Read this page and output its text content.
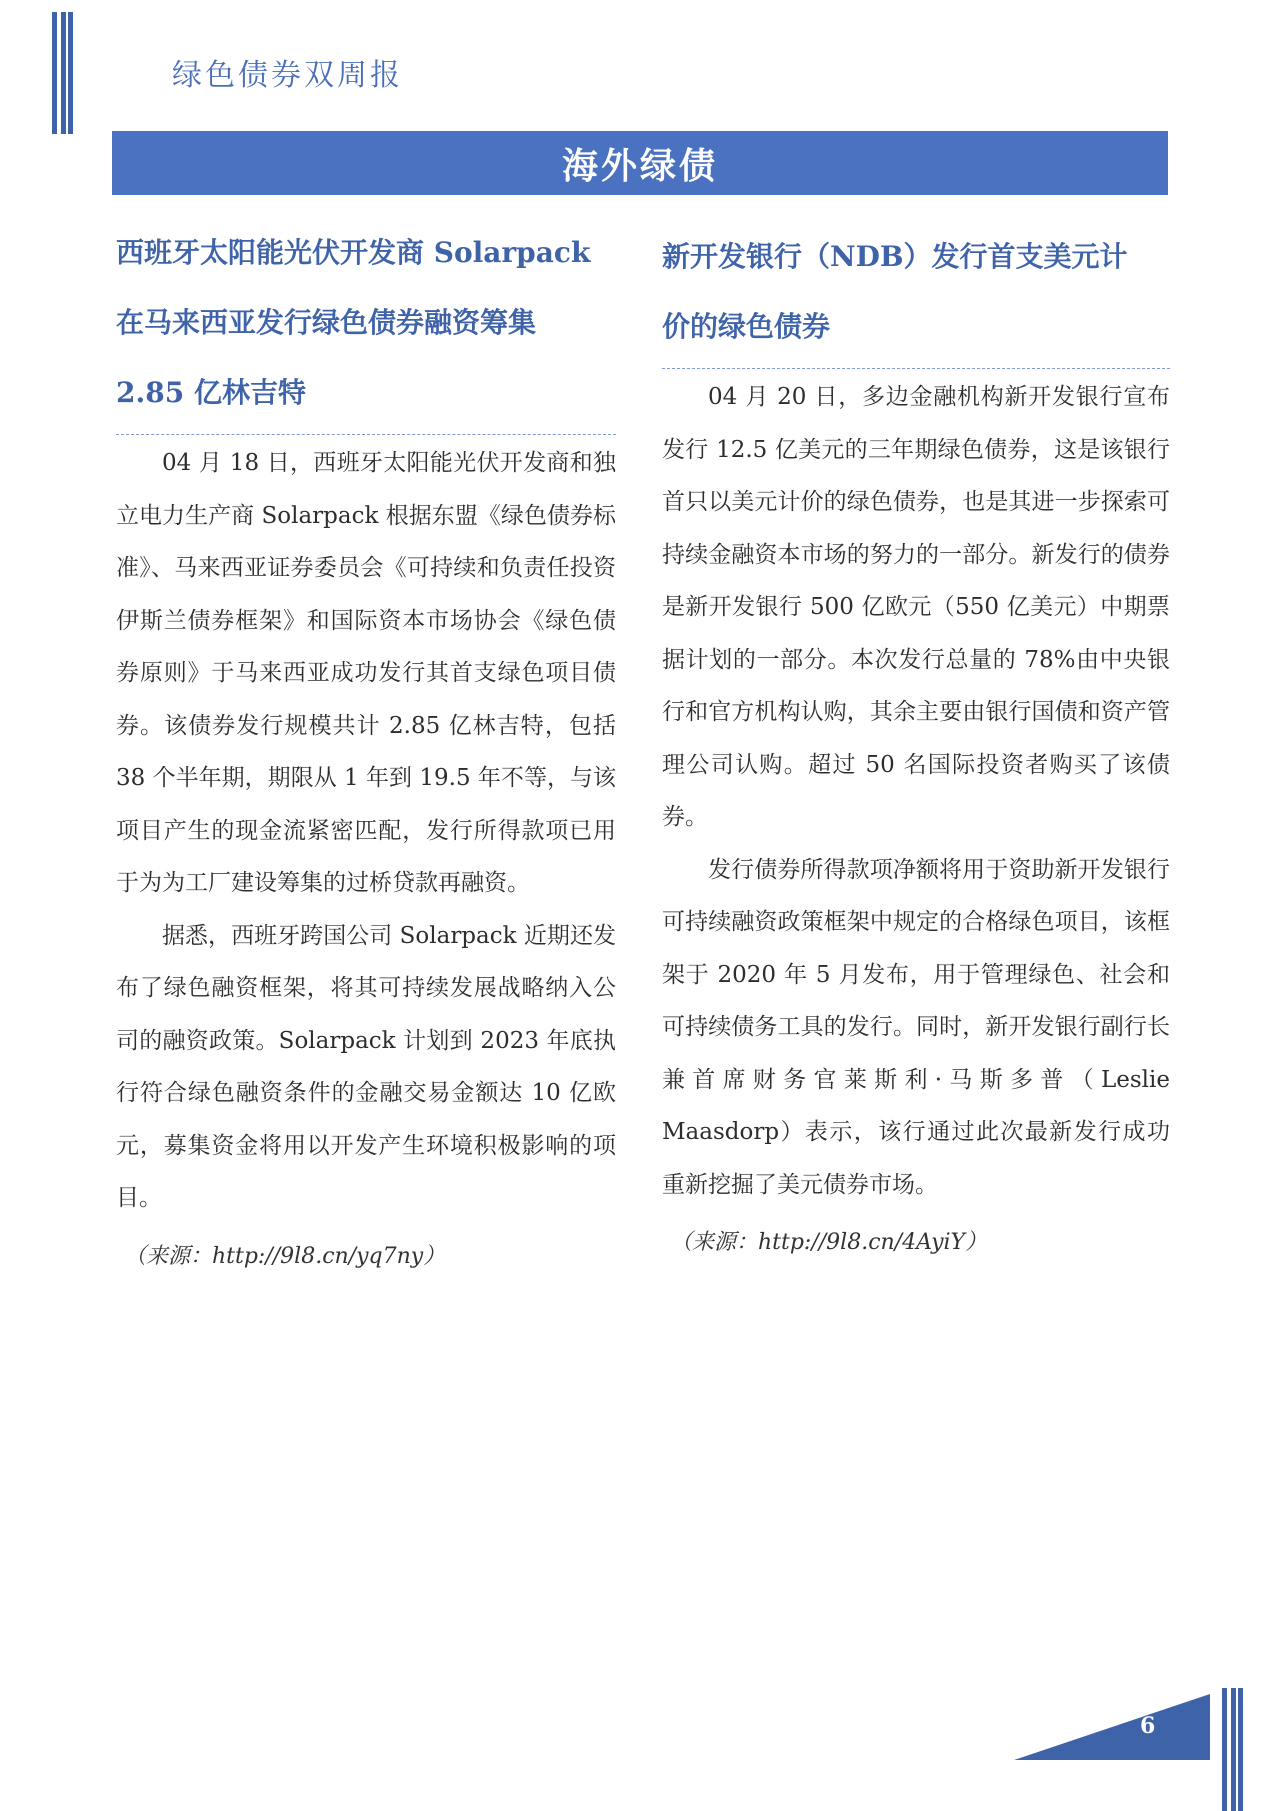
绿色债券双周报
海外绿债
西班牙太阳能光伏开发商 Solarpack
在马来西亚发行绿色债券融资筹集
2.85 亿林吉特

04 月 18 日，西班牙太阳能光伏开发商和独立电力生产商 Solarpack 根据东盟《绿色债券标准》、马来西亚证券委员会《可持续和负责任投资伊斯兰债券框架》和国际资本市场协会《绿色债券原则》于马来西亚成功发行其首支绿色项目债券。该债券发行规模共计 2.85 亿林吉特，包括 38 个半年期，期限从 1 年到 19.5 年不等，与该项目产生的现金流紧密匹配，发行所得款项已用于为为工厂建设筹集的过桥贷款再融资。

据悉，西班牙跨国公司 Solarpack 近期还发布了绿色融资框架，将其可持续发展战略纳入公司的融资政策。Solarpack 计划到 2023 年底执行符合绿色融资条件的金融交易金额达 10 亿欧元，募集资金将用以开发产生环境积极影响的项目。

（来源：http://9l8.cn/yq7ny）

新开发银行（NDB）发行首支美元计
价的绿色债券

04 月 20 日，多边金融机构新开发银行宣布发行 12.5 亿美元的三年期绿色债券，这是该银行首只以美元计价的绿色债券，也是其进一步探索可持续金融资本市场的努力的一部分。新发行的债券是新开发银行 500 亿欧元（550 亿美元）中期票据计划的一部分。本次发行总量的 78%由中央银行和官方机构认购，其余主要由银行国债和资产管理公司认购。超过 50 名国际投资者购买了该债券。

发行债券所得款项净额将用于资助新开发银行可持续融资政策框架中规定的合格绿色项目，该框架于 2020 年 5 月发布，用于管理绿色、社会和可持续债务工具的发行。同时，新开发银行副行长兼首席财务官莱斯利·马斯多普（Leslie Maasdorp）表示，该行通过此次最新发行成功重新挖掘了美元债券市场。

（来源：http://9l8.cn/4AyiY）

6
